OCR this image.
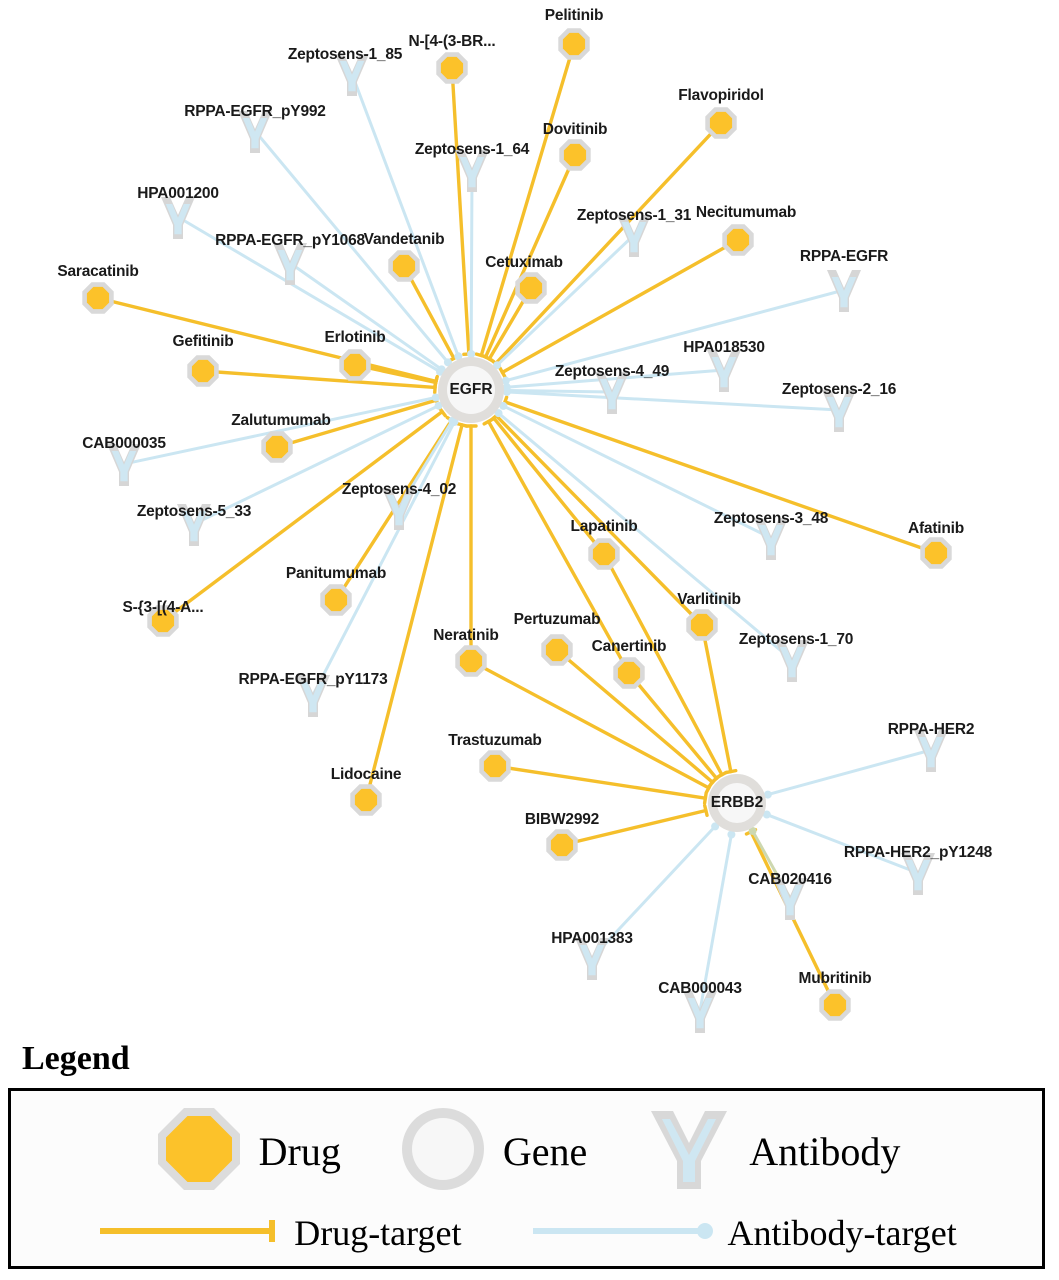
Pelitinib
N-[4-(3-BR...
Flavopiridol
Dovitinib
Necitumumab
Vandetanib
Cetuximab
Saracatinib
Erlotinib
Gefitinib
Zalutumumab
Afatinib
Lapatinib
Panitumumab
S-{3-[(4-A...	Varlitinib
Pertuzumab
Neratinib
Canertinib
Trastuzumab
Lidocaine
BIBW2992
Mubritinib
Zeptosens-1_85
RPPA-EGFR_pY992
Zeptosens-1_64
HPA001200
Zeptosens-1_31
RPPA-EGFR_pY1068
RPPA-EGFR
HPA018530
Zeptosens-4_49
Zeptosens-2_16
CAB000035
Zeptosens-4_02
Zeptosens-5_33	Zeptosens-3_48
Zeptosens-1_70
RPPA-EGFR_pY1173
RPPA-HER2
RPPA-HER2_pY1248
CAB020416
HPA001383
CAB000043
EGFR
ERBB2
Legend
Drug	Gene	Antibody
Drug-target	Antibody-target
